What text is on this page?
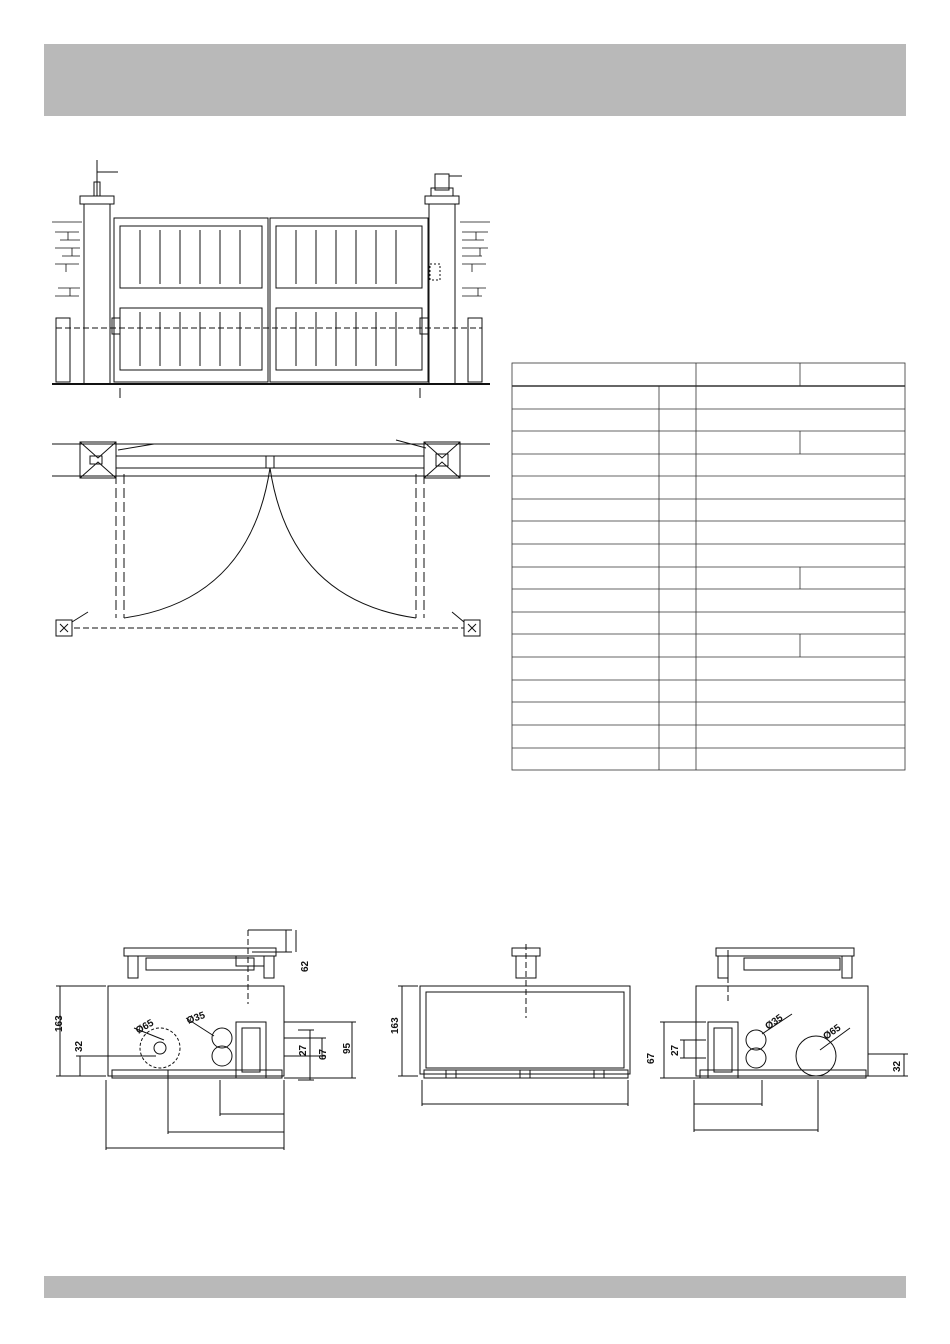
163
32
Ø65	Ø35
27 67
95
62
163
67
27
Ø35
Ø65
32
